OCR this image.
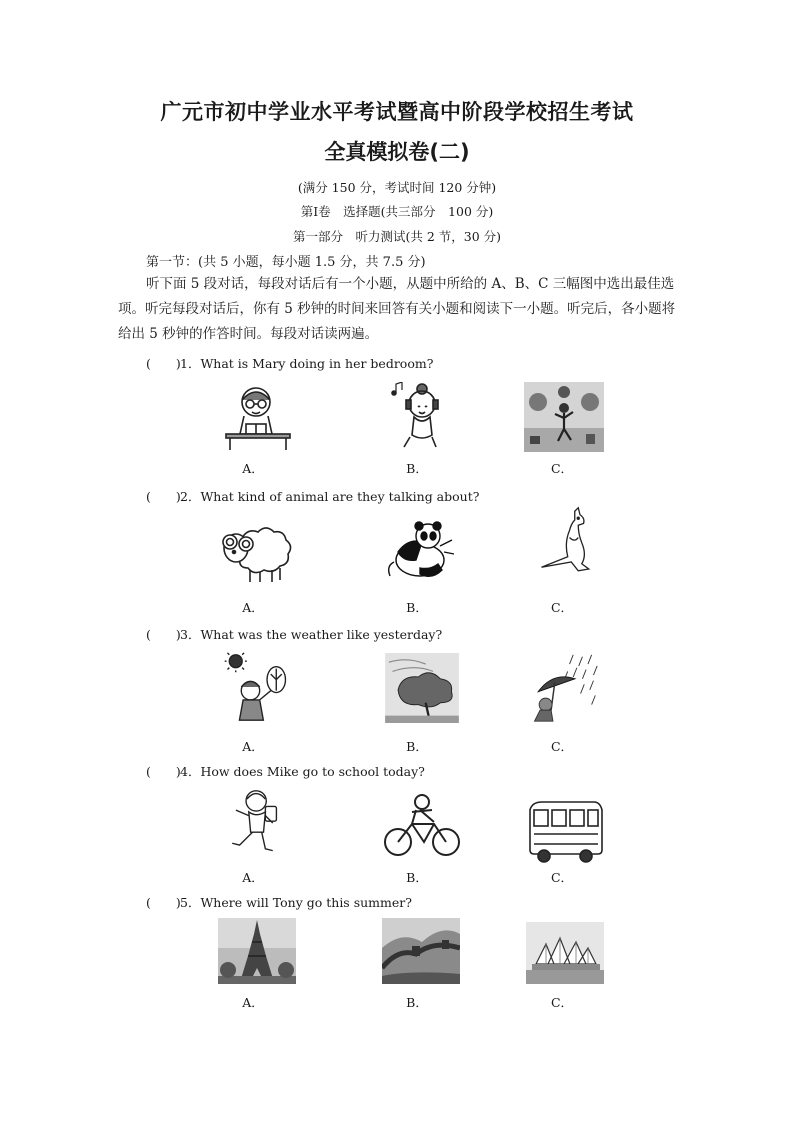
广元市初中学业水平考试暨高中阶段学校招生考试
全真模拟卷(二)
(满分 150 分，考试时间 120 分钟)
第Ⅰ卷　选择题(共三部分　100 分)
第一部分　听力测试(共 2 节，30 分)
第一节：(共 5 小题，每小题 1.5 分，共 7.5 分)
听下面 5 段对话，每段对话后有一个小题，从题中所给的 A、B、C 三幅图中选出最佳选项。听完每段对话后，你有 5 秒钟的时间来回答有关小题和阅读下一小题。听完后，各小题将给出 5 秒钟的作答时间。每段对话读两遍。
(　　)1．What is Mary doing in her bedroom?
A．	B．	C．
(　　)2．What kind of animal are they talking about?
A．	B．	C．
(　　)3．What was the weather like yesterday?
A．	B．	C．
(　　)4．How does Mike go to school today?
A．	B．	C．
(　　)5．Where will Tony go this summer?
A．	B．	C．
